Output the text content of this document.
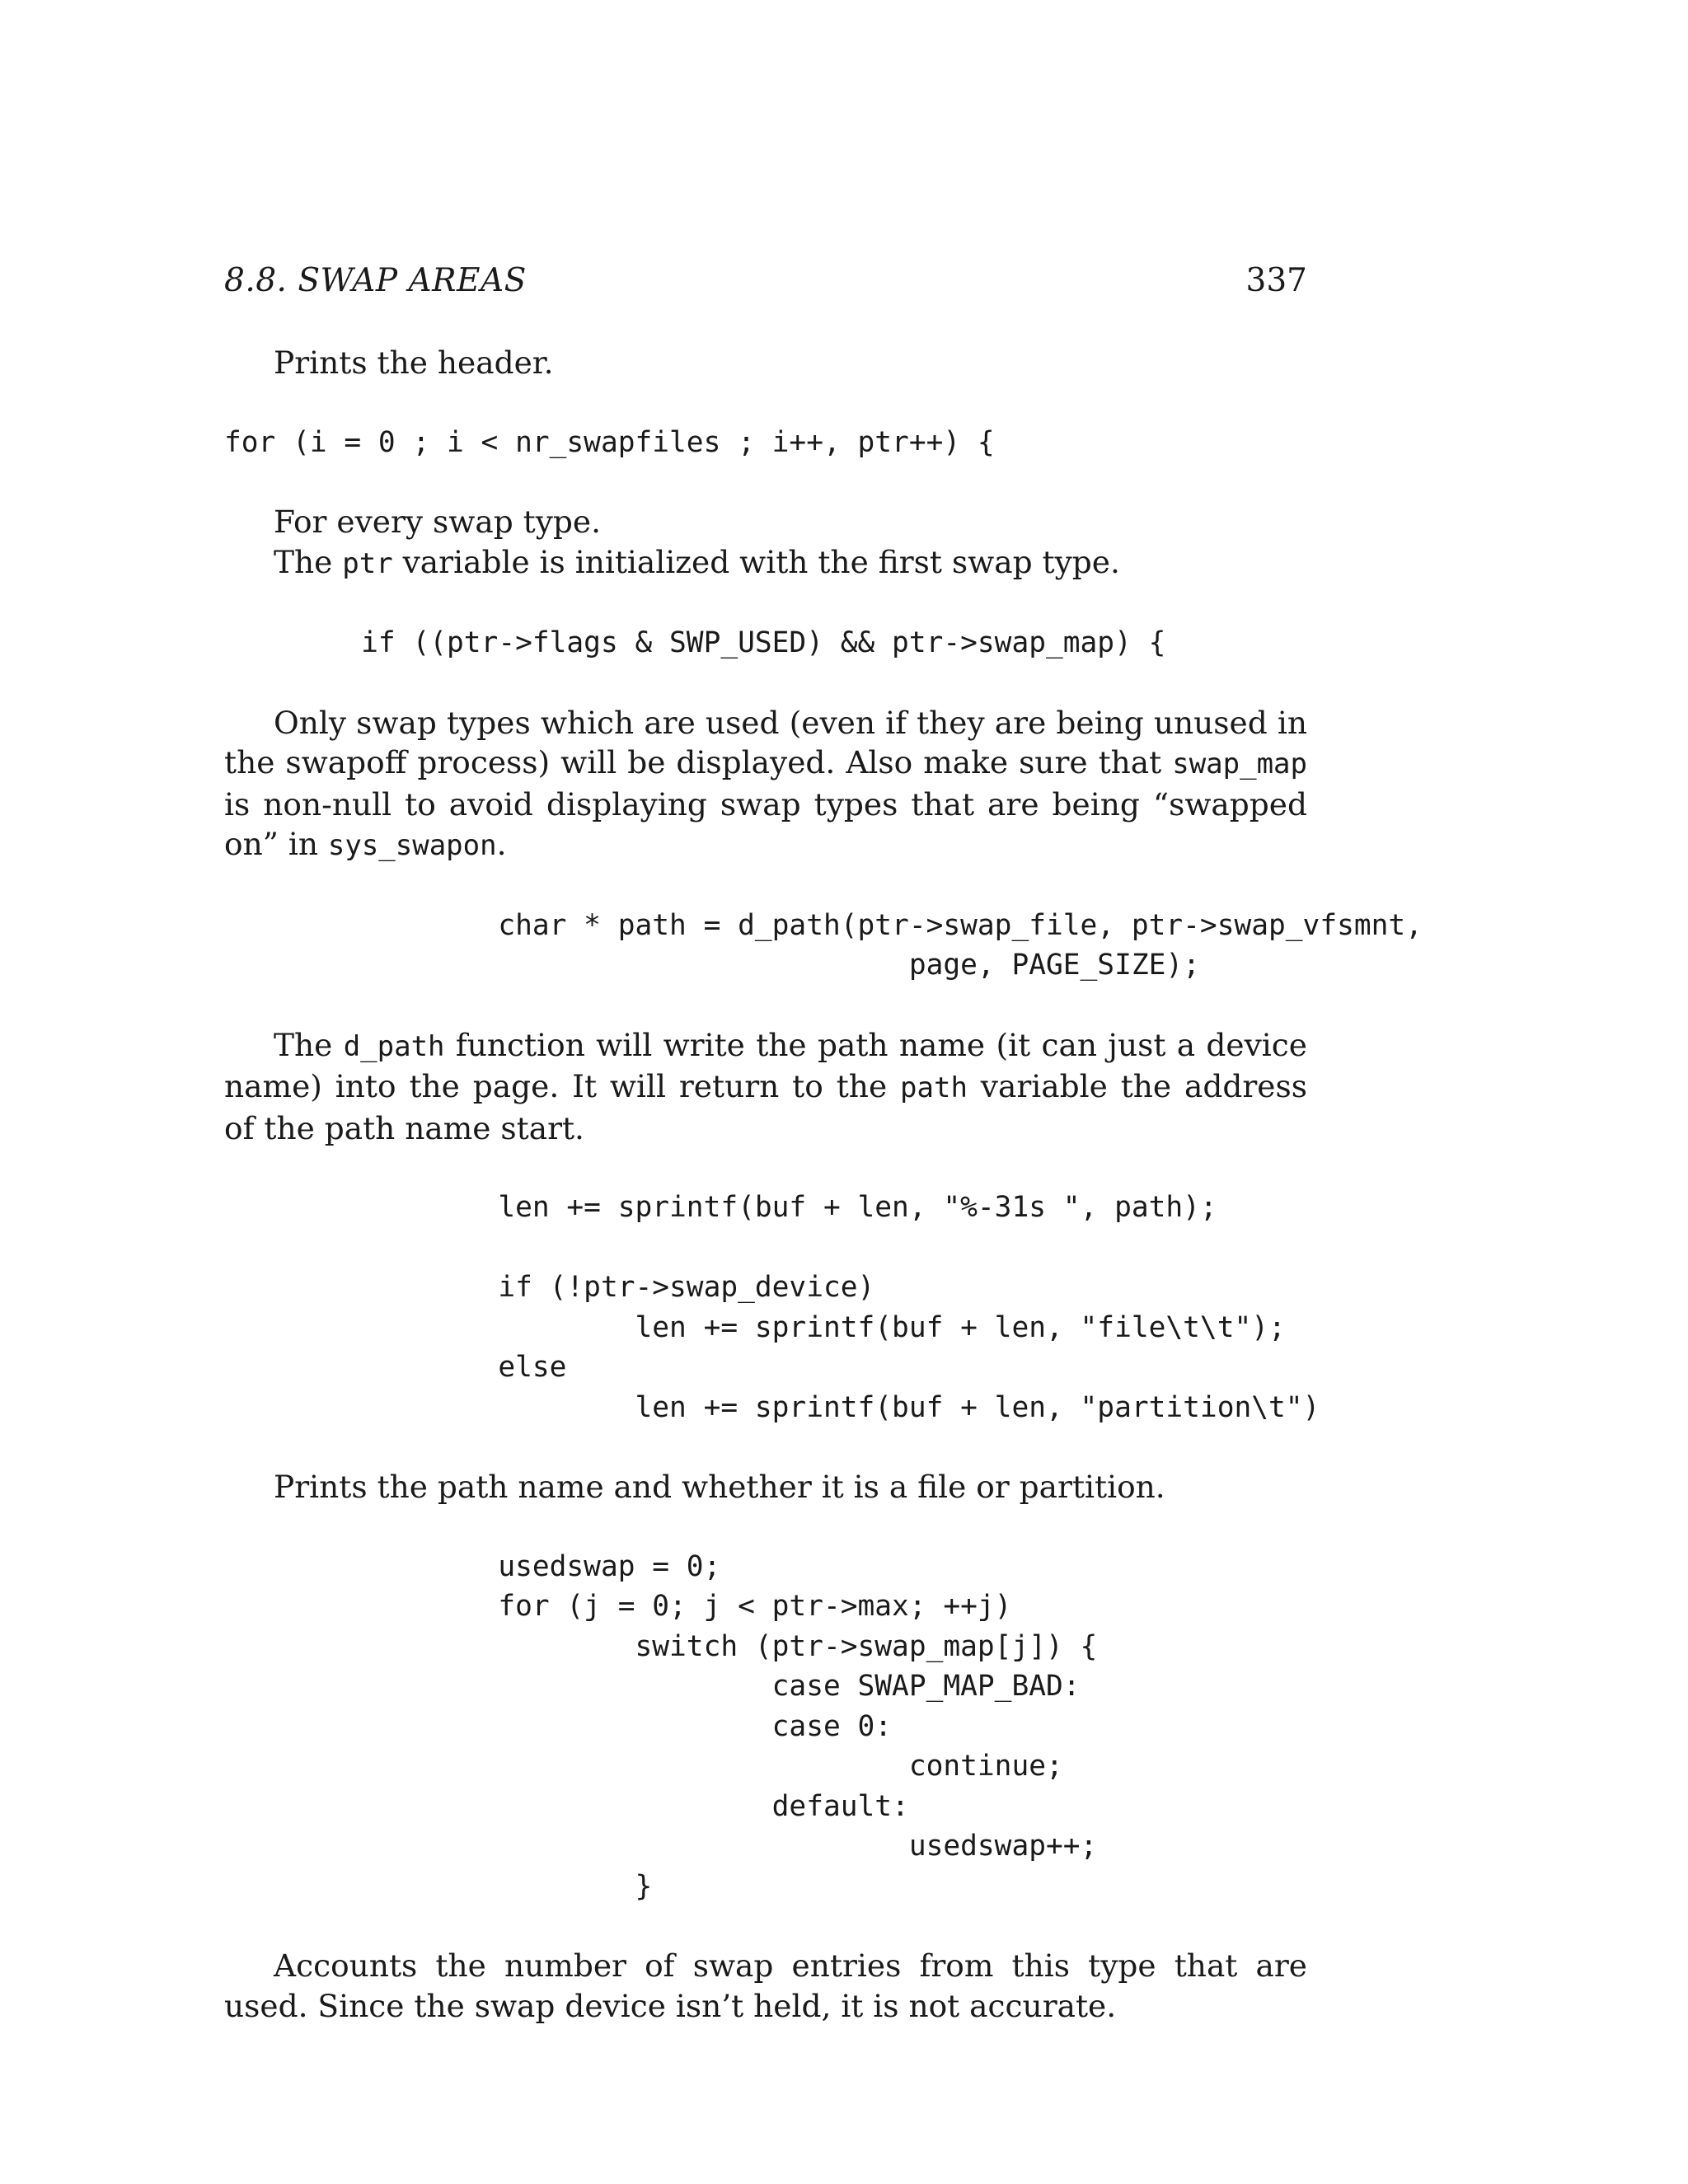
8.8. SWAP AREAS	337

Prints the header.

for (i = 0 ; i < nr_swapfiles ; i++, ptr++) {

For every swap type.

The ptr variable is initialized with the first swap type.

if ((ptr->flags & SWP_USED) && ptr->swap_map) {

Only swap types which are used (even if they are being unused in the swapoff process) will be displayed. Also make sure that swap_map is non-null to avoid displaying swap types that are being “swapped on” in sys_swapon.

char * path = d_path(ptr->swap_file, ptr->swap_vfsmnt,
page, PAGE_SIZE);

The d_path function will write the path name (it can just a device name) into the page. It will return to the path variable the address of the path name start.

len += sprintf(buf + len, "%-31s ", path);

if (!ptr->swap_device)
len += sprintf(buf + len, "file\t\t");
else
len += sprintf(buf + len, "partition\t")

Prints the path name and whether it is a file or partition.

usedswap = 0;
for (j = 0; j < ptr->max; ++j)
switch (ptr->swap_map[j]) {
case SWAP_MAP_BAD:
case 0:
continue;
default:
usedswap++;
}

Accounts the number of swap entries from this type that are used. Since the swap device isn’t held, it is not accurate.
